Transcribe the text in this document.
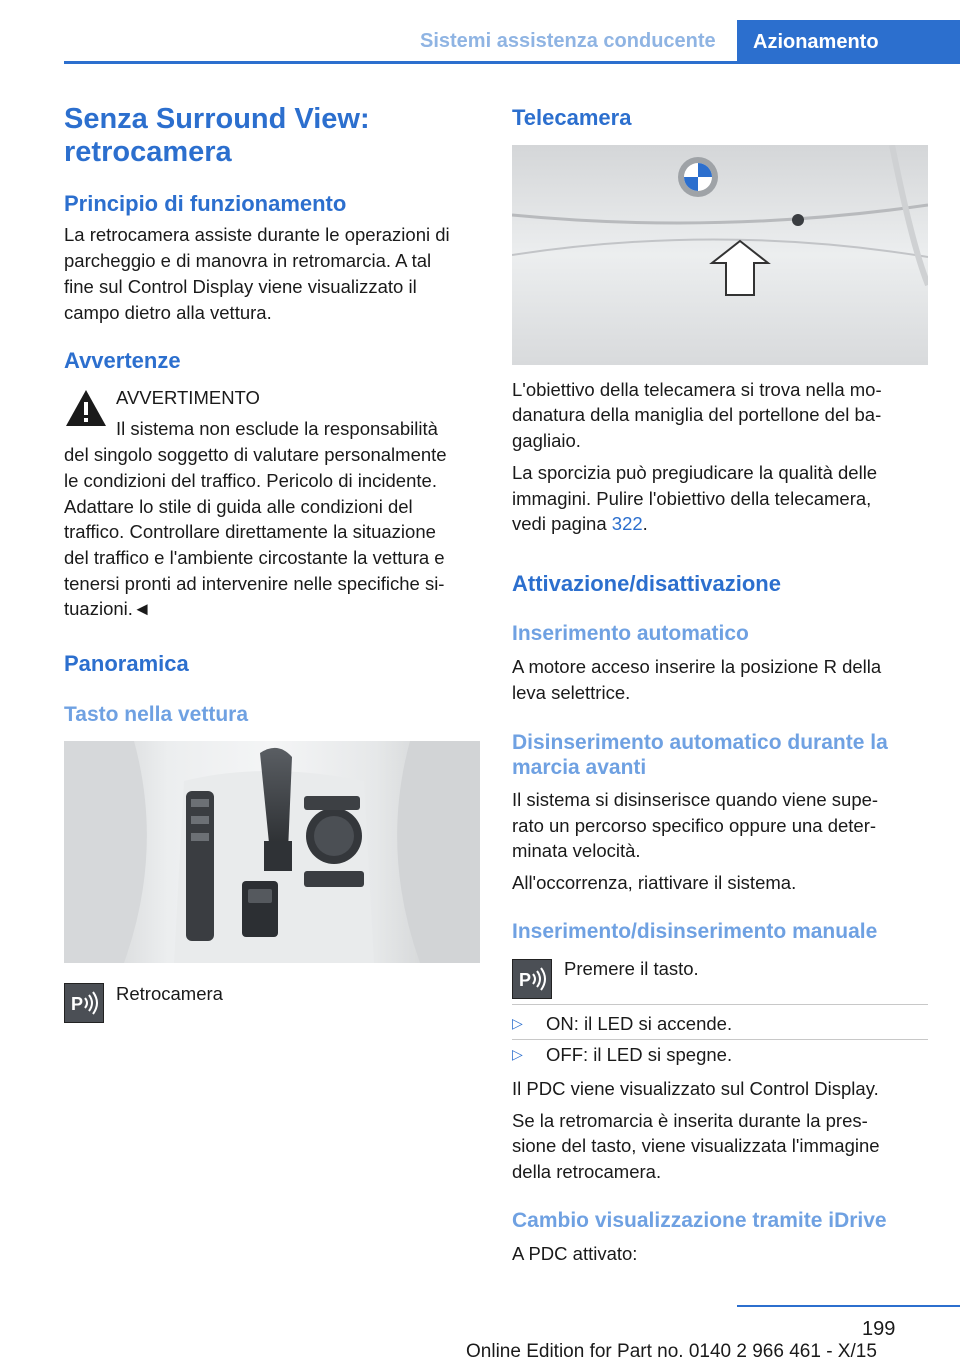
Sistemi assistenza conducente	Azionamento
Senza Surround View:
retrocamera
Principio di funzionamento
La retrocamera assiste durante le operazioni di
parcheggio e di manovra in retromarcia. A tal
fine sul Control Display viene visualizzato il
campo dietro alla vettura.
Avvertenze
AVVERTIMENTO
Il sistema non esclude la responsabilità
del singolo soggetto di valutare personalmente
le condizioni del traffico. Pericolo di incidente.
Adattare lo stile di guida alle condizioni del
traffico. Controllare direttamente la situazione
del traffico e l'ambiente circostante la vettura e
tenersi pronti ad intervenire nelle specifiche si‐
tuazioni.◄
Panoramica
Tasto nella vettura
P Retrocamera
Telecamera
L'obiettivo della telecamera si trova nella mo‐
danatura della maniglia del portellone del ba‐
gagliaio.
La sporcizia può pregiudicare la qualità delle
immagini. Pulire l'obiettivo della telecamera,
vedi pagina 322.
Attivazione/disattivazione
Inserimento automatico
A motore acceso inserire la posizione R della
leva selettrice.
Disinserimento automatico durante la
marcia avanti
Il sistema si disinserisce quando viene supe‐
rato un percorso specifico oppure una deter‐
minata velocità.
All'occorrenza, riattivare il sistema.
Inserimento/disinserimento manuale
P
Premere il tasto.
▷ ON: il LED si accende.
▷ OFF: il LED si spegne.
Il PDC viene visualizzato sul Control Display.
Se la retromarcia è inserita durante la pres‐
sione del tasto, viene visualizzata l'immagine
della retrocamera.
Cambio visualizzazione tramite iDrive
A PDC attivato:
199
Online Edition for Part no. 0140 2 966 461 - X/15
